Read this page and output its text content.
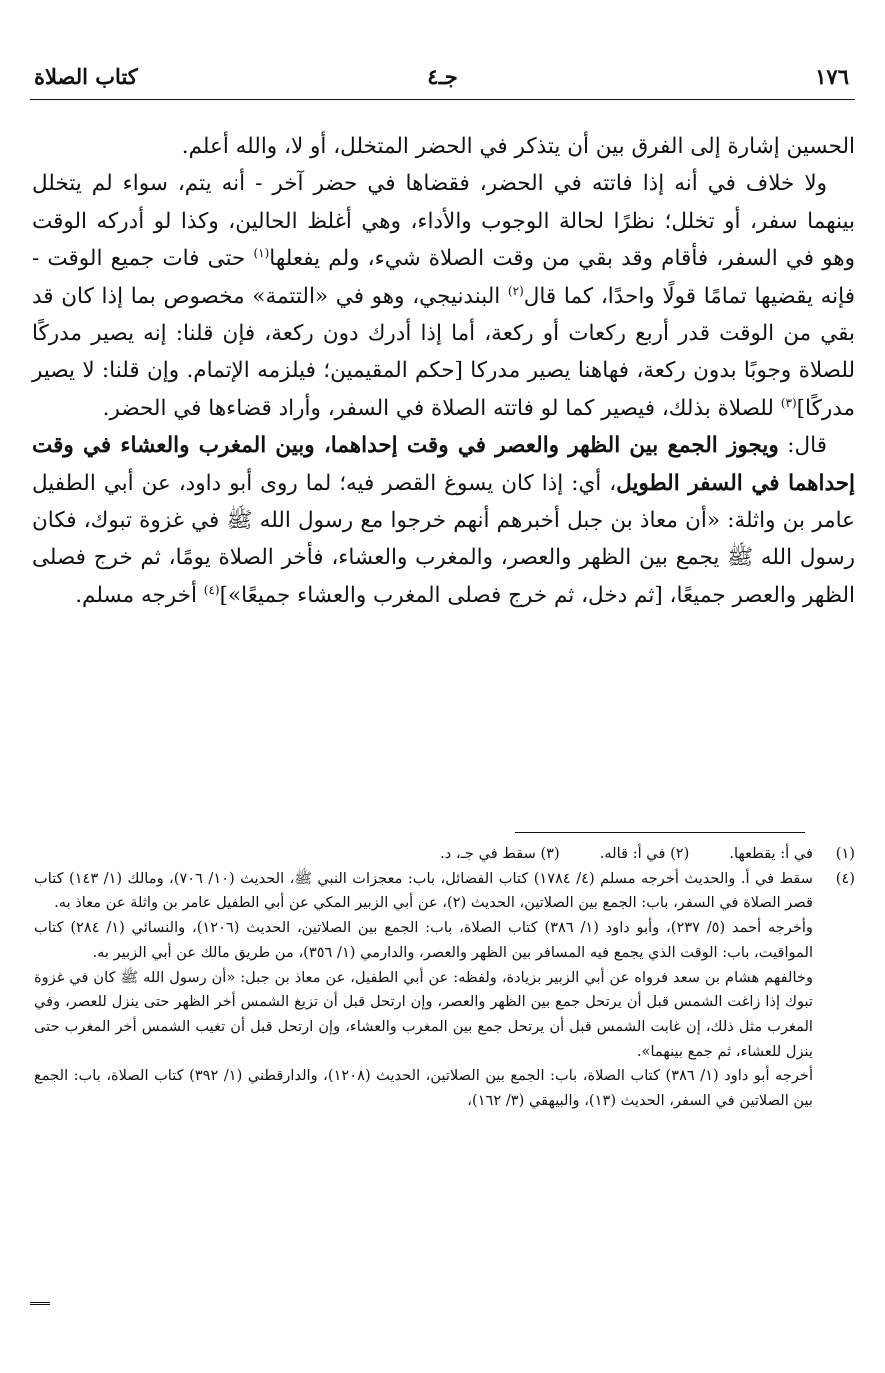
١٧٦
جـ٤
كتاب الصلاة

الحسين إشارة إلى الفرق بين أن يتذكر في الحضر المتخلل، أو لا، والله أعلم.

ولا خلاف في أنه إذا فاتته في الحضر، فقضاها في حضر آخر - أنه يتم، سواء لم يتخلل بينهما سفر، أو تخلل؛ نظرًا لحالة الوجوب والأداء، وهي أغلظ الحالين، وكذا لو أدركه الوقت وهو في السفر، فأقام وقد بقي من وقت الصلاة شيء، ولم يفعلها$^{(١)}$ حتى فات جميع الوقت - فإنه يقضيها تمامًا قولًا واحدًا، كما قال$^{(٢)}$ البندنيجي، وهو في «التتمة» مخصوص بما إذا كان قد بقي من الوقت قدر أربع ركعات أو ركعة، أما إذا أدرك دون ركعة، فإن قلنا: إنه يصير مدركًا للصلاة وجوبًا بدون ركعة، فهاهنا يصير مدركا [حكم المقيمين؛ فيلزمه الإتمام. وإن قلنا: لا يصير مدركًا]$^{(٣)}$ للصلاة بذلك، فيصير كما لو فاتته الصلاة في السفر، وأراد قضاءها في الحضر.

قال: ويجوز الجمع بين الظهر والعصر في وقت إحداهما، وبين المغرب والعشاء في وقت إحداهما في السفر الطويل، أي: إذا كان يسوغ القصر فيه؛ لما روى أبو داود، عن أبي الطفيل عامر بن واثلة: «أن معاذ بن جبل أخبرهم أنهم خرجوا مع رسول الله ﷺ في غزوة تبوك، فكان رسول الله ﷺ يجمع بين الظهر والعصر، والمغرب والعشاء، فأخر الصلاة يومًا، ثم خرج فصلى الظهر والعصر جميعًا، [ثم دخل، ثم خرج فصلى المغرب والعشاء جميعًا»]$^{(٤)}$ أخرجه مسلم.

(١)
في أ: يقطعها.(٢) في أ: قاله.(٣) سقط في جـ، د.
(٤)

سقط في أ. والحديث أخرجه مسلم (٤/ ١٧٨٤) كتاب الفضائل، باب: معجزات النبي ﷺ، الحديث (١٠/ ٧٠٦)، ومالك (١/ ١٤٣) كتاب قصر الصلاة في السفر، باب: الجمع بين الصلاتين، الحديث (٢)، عن أبي الزبير المكي عن أبي الطفيل عامر بن واثلة عن معاذ به.

وأخرجه أحمد (٥/ ٢٣٧)، وأبو داود (١/ ٣٨٦) كتاب الصلاة، باب: الجمع بين الصلاتين، الحديث (١٢٠٦)، والنسائي (١/ ٢٨٤) كتاب المواقيت، باب: الوقت الذي يجمع فيه المسافر بين الظهر والعصر، والدارمي (١/ ٣٥٦)، من طريق مالك عن أبي الزبير به.

وخالفهم هشام بن سعد فرواه عن أبي الزبير بزيادة، ولفظه: عن أبي الطفيل، عن معاذ بن جبل: «أن رسول الله ﷺ كان في غزوة تبوك إذا زاغت الشمس قبل أن يرتحل جمع بين الظهر والعصر، وإن ارتحل قبل أن تزيغ الشمس أخر الظهر حتى ينزل للعصر، وفي المغرب مثل ذلك، إن غابت الشمس قبل أن يرتحل جمع بين المغرب والعشاء، وإن ارتحل قبل أن تغيب الشمس أخر المغرب حتى ينزل للعشاء، ثم جمع بينهما».

أخرجه أبو داود (١/ ٣٨٦) كتاب الصلاة، باب: الجمع بين الصلاتين، الحديث (١٢٠٨)، والدارقطني (١/ ٣٩٢) كتاب الصلاة، باب: الجمع بين الصلاتين في السفر، الحديث (١٣)، والبيهقي (٣/ ١٦٢)،
